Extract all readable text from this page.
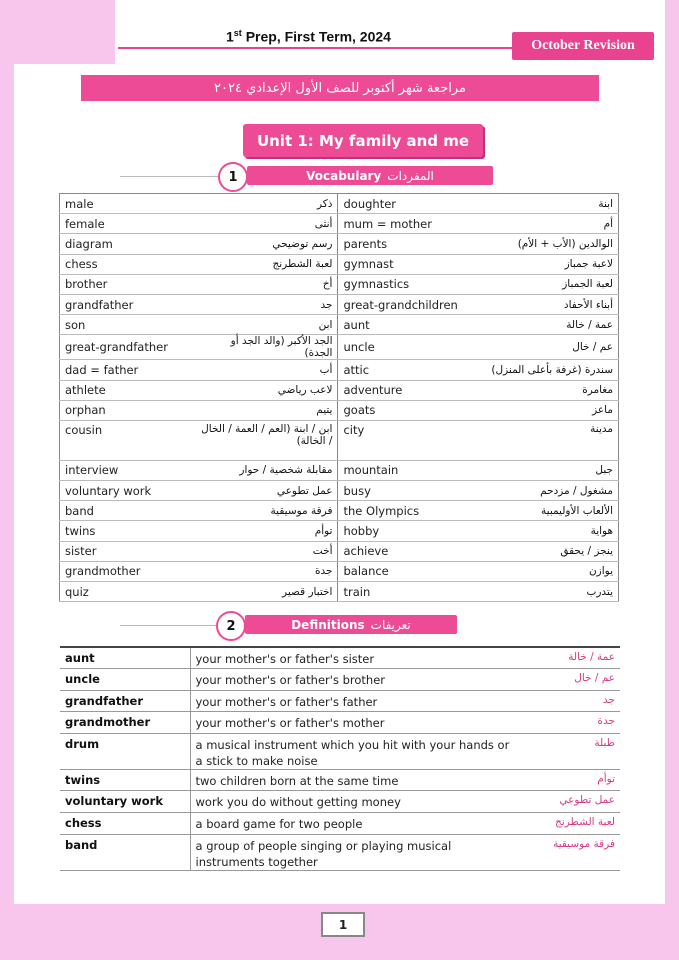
1st Prep, First Term, 2024
October Revision
مراجعة شهر أكتوبر للصف الأول الإعدادي ٢٠٢٤
Unit 1: My family and me
Vocabulary المفردات
1
male	ذكر	doughter	ابنة
female	أنثى	mum = mother	أم
diagram	رسم توضيحي	parents	الوالدين (الأب + الأم)
chess	لعبة الشطرنج	gymnast	لاعبة جمباز
brother	أخ	gymnastics	لعبة الجمباز
grandfather	جد	great-grandchildren	أبناء الأحفاد
son	ابن	aunt	عمة / خالة
great-grandfather	الجد الأكبر (والد الجد أو الجدة)	uncle	عم / خال
dad = father	أب	attic	سندرة (غرفة بأعلى المنزل)
athlete	لاعب رياضي	adventure	مغامرة
orphan	يتيم	goats	ماعز
cousin	ابن / ابنة (العم / العمة / الخال / الخالة)	city	مدينة
interview	مقابلة شخصية / حوار	mountain	جبل
voluntary work	عمل تطوعي	busy	مشغول / مزدحم
band	فرقة موسيقية	the Olympics	الألعاب الأوليمبية
twins	توأم	hobby	هواية
sister	أخت	achieve	ينجز / يحقق
grandmother	جدة	balance	يوازن
quiz	اختبار قصير	train	يتدرب
Definitions تعريفات
2
aunt	your mother's or father's sister	عمة / خالة
uncle	your mother's or father's brother	عم / خال
grandfather	your mother's or father's father	جد
grandmother	your mother's or father's mother	جدة
drum	a musical instrument which you hit with your hands or a stick to make noise	طبلة
twins	two children born at the same time	توأم
voluntary work	work you do without getting money	عمل تطوعي
chess	a board game for two people	لعبة الشطرنج
band	a group of people singing or playing musical instruments together	فرقة موسيقية
1
